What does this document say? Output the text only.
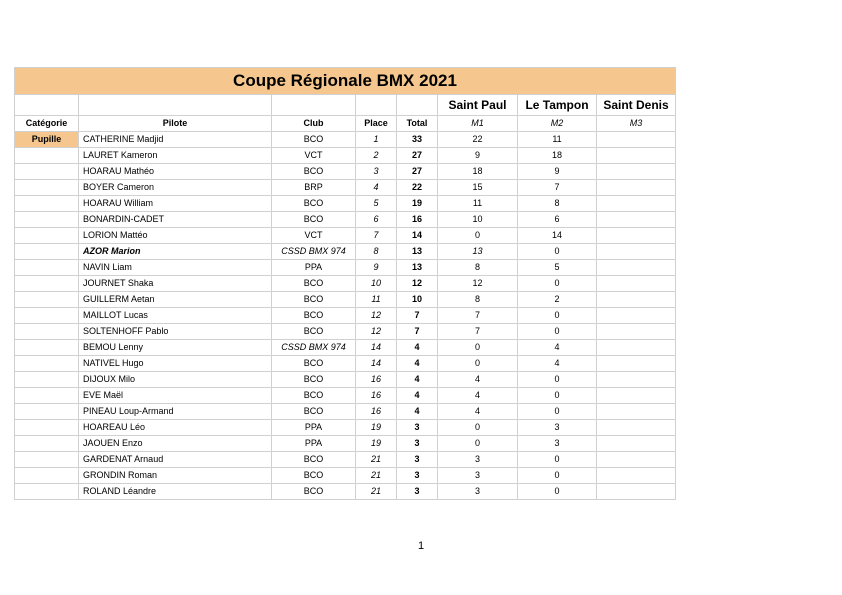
Coupe Régionale BMX 2021							
					Saint Paul	Le Tampon	Saint Denis
Catégorie	Pilote	Club	Place	Total	M1	M2	M3
Pupille	CATHERINE Madjid	BCO	1	33	22	11	
	LAURET Kameron	VCT	2	27	9	18	
	HOARAU Mathéo	BCO	3	27	18	9	
	BOYER Cameron	BRP	4	22	15	7	
	HOARAU William	BCO	5	19	11	8	
	BONARDIN-CADET	BCO	6	16	10	6	
	LORION Mattéo	VCT	7	14	0	14	
	AZOR Marion	CSSD BMX 974	8	13	13	0	
	NAVIN Liam	PPA	9	13	8	5	
	JOURNET Shaka	BCO	10	12	12	0	
	GUILLERM Aetan	BCO	11	10	8	2	
	MAILLOT Lucas	BCO	12	7	7	0	
	SOLTENHOFF Pablo	BCO	12	7	7	0	
	BEMOU Lenny	CSSD BMX 974	14	4	0	4	
	NATIVEL Hugo	BCO	14	4	0	4	
	DIJOUX Milo	BCO	16	4	4	0	
	EVE Maël	BCO	16	4	4	0	
	PINEAU Loup-Armand	BCO	16	4	4	0	
	HOAREAU Léo	PPA	19	3	0	3	
	JAOUEN Enzo	PPA	19	3	0	3	
	GARDENAT Arnaud	BCO	21	3	3	0	
	GRONDIN Roman	BCO	21	3	3	0	
	ROLAND Léandre	BCO	21	3	3	0	
1
